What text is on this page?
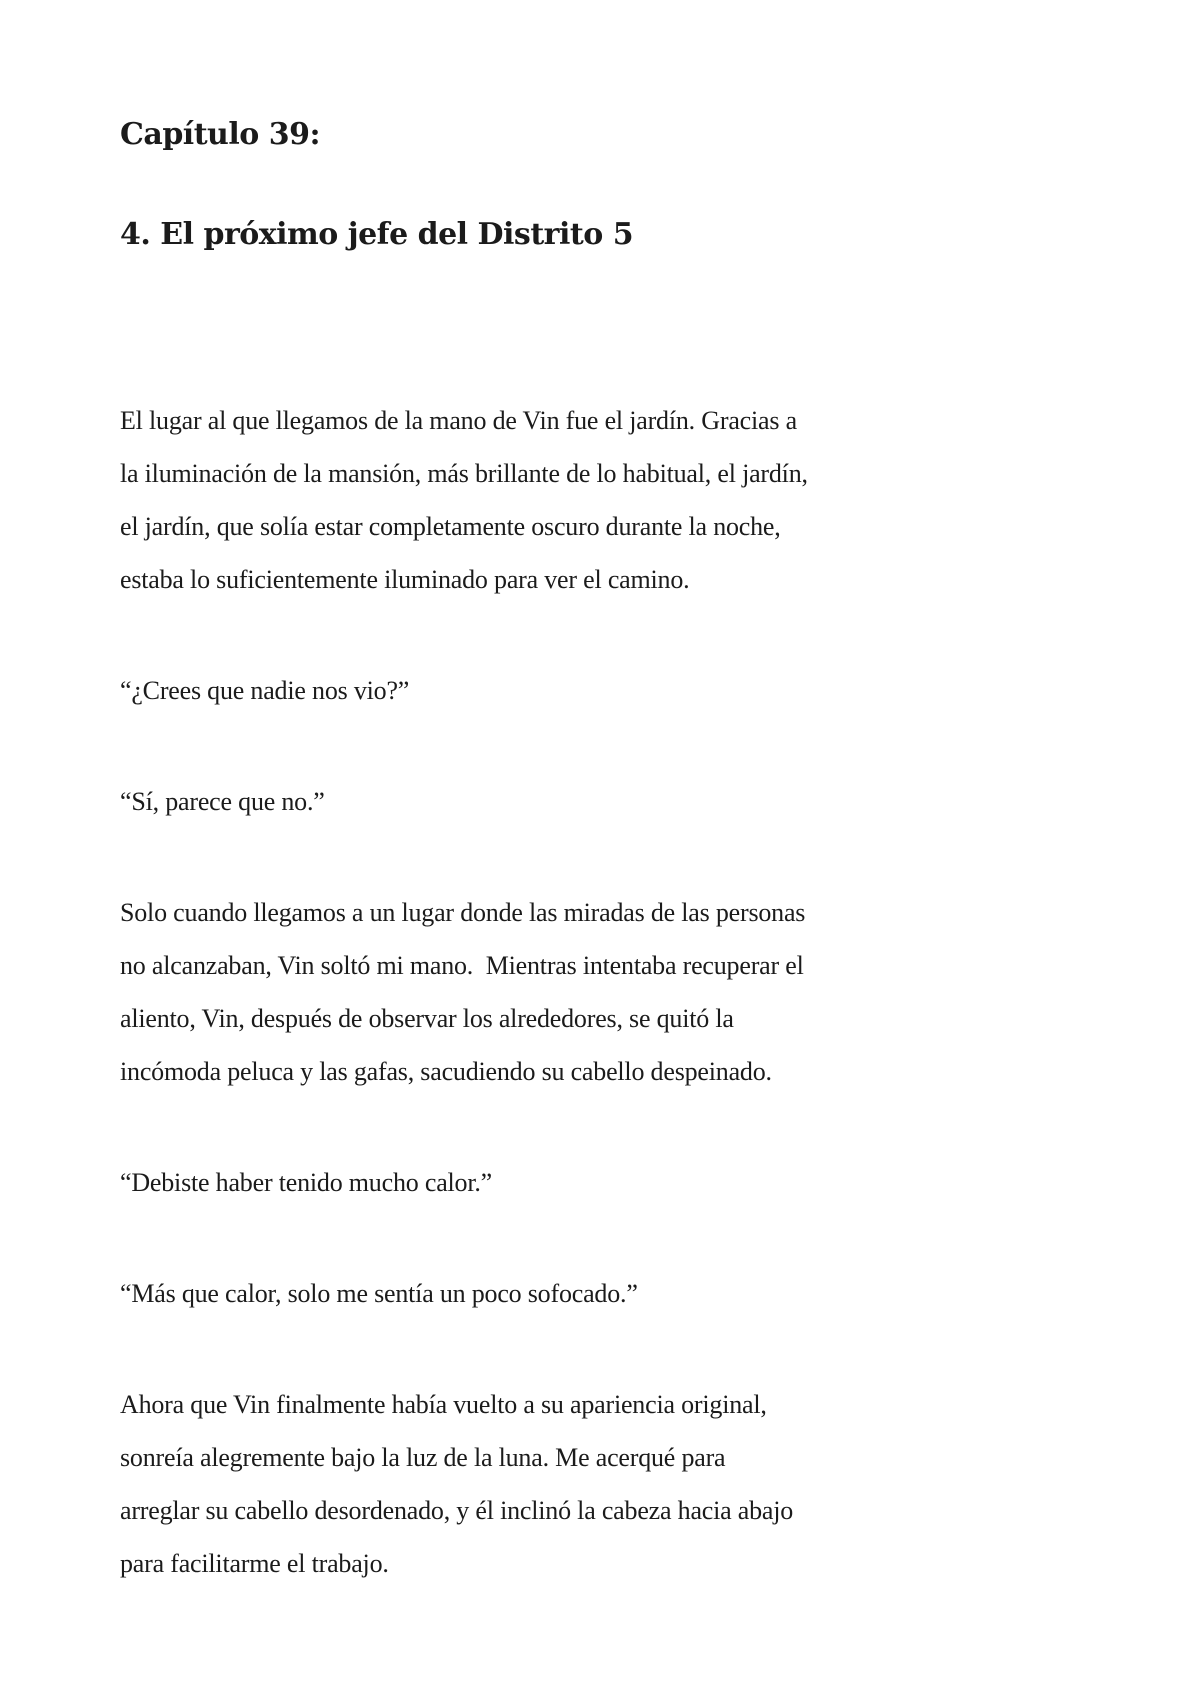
Capítulo 39:
4. El próximo jefe del Distrito 5

El lugar al que llegamos de la mano de Vin fue el jardín. Gracias a
la iluminación de la mansión, más brillante de lo habitual, el jardín,
el jardín, que solía estar completamente oscuro durante la noche,
estaba lo suficientemente iluminado para ver el camino.

“¿Crees que nadie nos vio?”

“Sí, parece que no.”

Solo cuando llegamos a un lugar donde las miradas de las personas
no alcanzaban, Vin soltó mi mano.  Mientras intentaba recuperar el
aliento, Vin, después de observar los alrededores, se quitó la
incómoda peluca y las gafas, sacudiendo su cabello despeinado.

“Debiste haber tenido mucho calor.”

“Más que calor, solo me sentía un poco sofocado.”

Ahora que Vin finalmente había vuelto a su apariencia original,
sonreía alegremente bajo la luz de la luna. Me acerqué para
arreglar su cabello desordenado, y él inclinó la cabeza hacia abajo
para facilitarme el trabajo.
